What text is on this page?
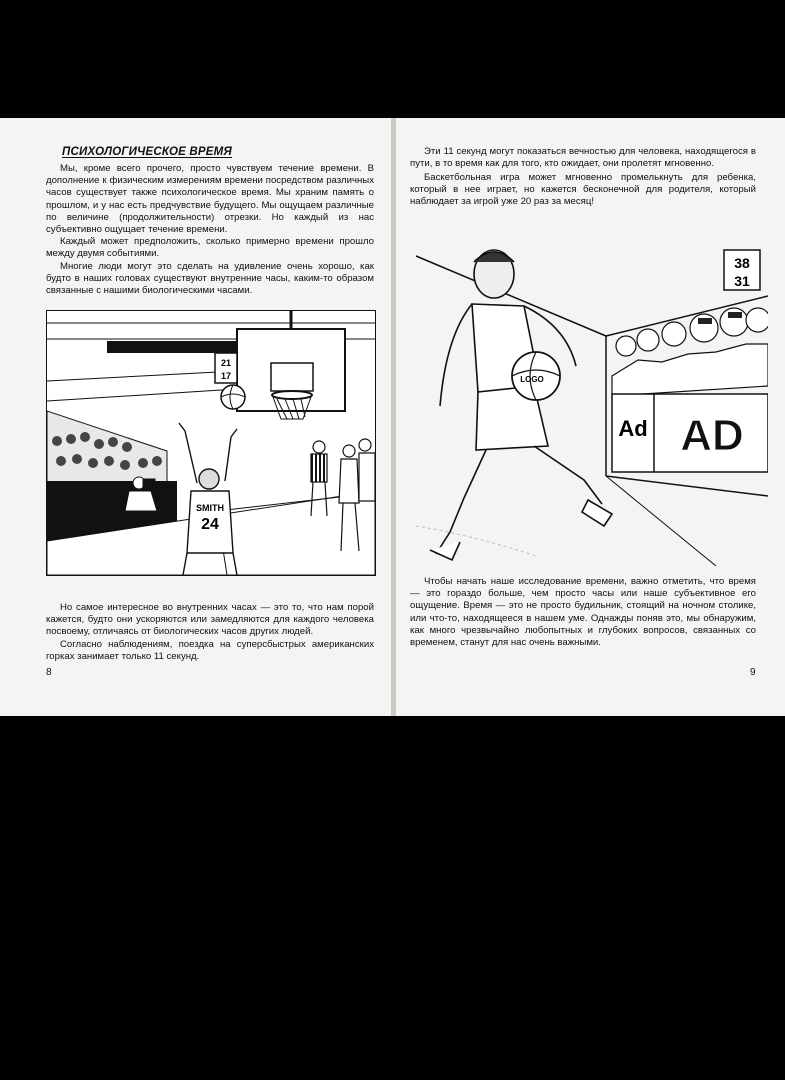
ПСИХОЛОГИЧЕСКОЕ ВРЕМЯ

Мы, кроме всего прочего, просто чувствуем течение времени. В дополнение к физическим измерениям времени посредством различных часов существует также психологическое время. Мы храним память о прошлом, и у нас есть предчувствие будущего. Мы ощущаем различные по величине (продолжительности) отрезки. Но каждый из нас субъективно ощущает течение времени.

Каждый может предположить, сколько примерно времени прошло между двумя событиями.

Многие люди могут это сделать на удивление очень хорошо, как будто в наших головах существуют внутренние часы, каким-то образом связанные с нашими биологическими часами.

21
17
SMITH
24

Но самое интересное во внутренних часах — это то, что нам порой кажется, будто они ускоряются или замедляются для каждого человека посвоему, отличаясь от биологических часов других людей.

Согласно наблюдениям, поездка на суперсбыстрых американских горках занимает только 11 секунд.

8

Эти 11 секунд могут показаться вечностью для человека, находящегося в пути, в то время как для того, кто ожидает, они пролетят мгновенно.

Баскетбольная игра может мгновенно промелькнуть для ребенка, который в нее играет, но кажется бесконечной для родителя, который наблюдает за игрой уже 20 раз за месяц!

38
31
Ad AD
LOGO

Чтобы начать наше исследование времени, важно отметить, что время — это гораздо больше, чем просто часы или наше субъективное его ощущение. Время — это не просто будильник, стоящий на ночном столике, или что-то, находящееся в нашем уме. Однажды поняв это, мы обнаружим, как много чрезвычайно любопытных и глубоких вопросов, связанных со временем, станут для нас очень важными.

9
